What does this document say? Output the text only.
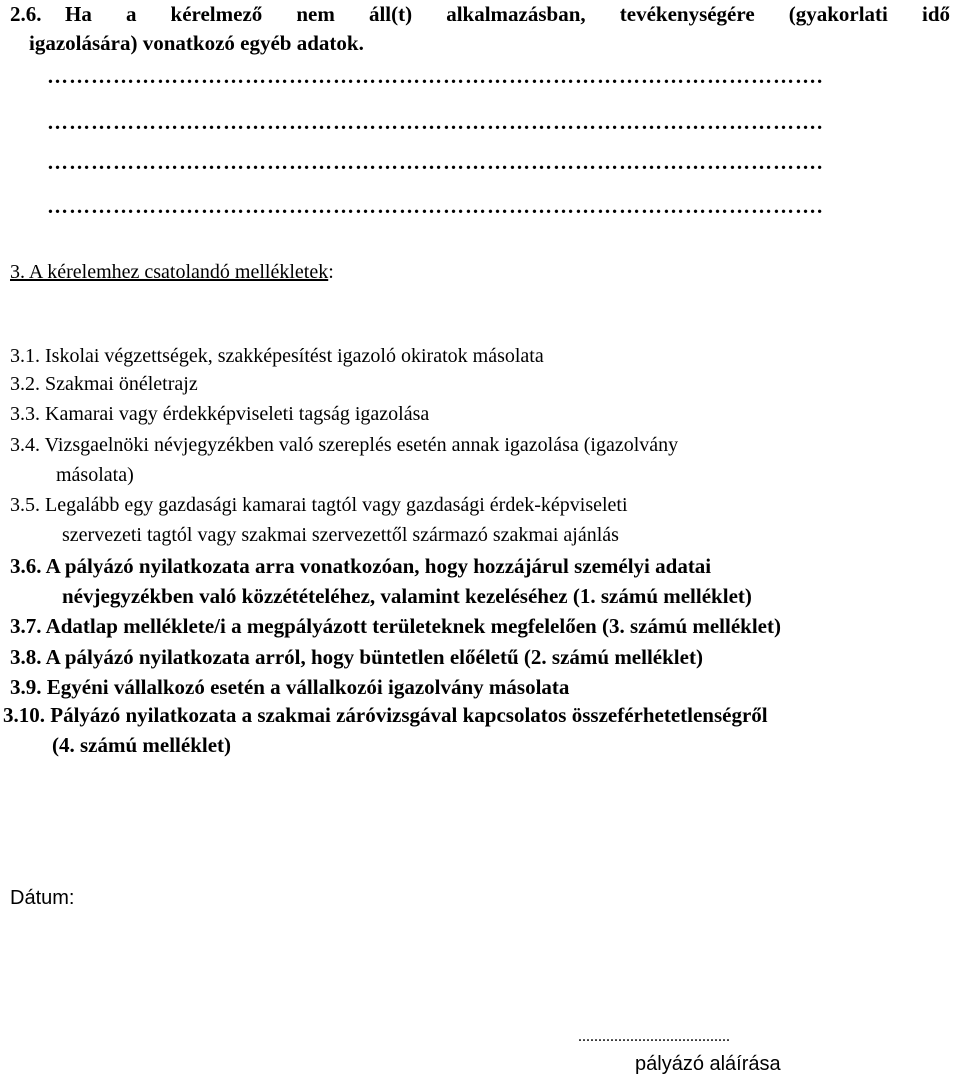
2.6. Ha a kérelmező nem áll(t) alkalmazásban, tevékenységére (gyakorlati idő
igazolására) vonatkozó egyéb adatok.
…………………………………………………………………………………………….
…………………………………………………………………………………………….
…………………………………………………………………………………………….
…………………………………………………………………………………………….
3. A kérelemhez csatolandó mellékletek:
3.1. Iskolai végzettségek, szakképesítést igazoló okiratok másolata
3.2. Szakmai önéletrajz
3.3. Kamarai vagy érdekképviseleti tagság igazolása
3.4. Vizsgaelnöki névjegyzékben való szereplés esetén annak igazolása (igazolvány
másolata)
3.5. Legalább egy gazdasági kamarai tagtól vagy gazdasági érdek-képviseleti
szervezeti tagtól vagy szakmai szervezettől származó szakmai ajánlás
3.6. A pályázó nyilatkozata arra vonatkozóan, hogy hozzájárul személyi adatai
névjegyzékben való közzétételéhez, valamint kezeléséhez (1. számú melléklet)
3.7. Adatlap melléklete/i a megpályázott területeknek megfelelően (3. számú melléklet)
3.8. A pályázó nyilatkozata arról, hogy büntetlen előéletű (2. számú melléklet)
3.9. Egyéni vállalkozó esetén a vállalkozói igazolvány másolata
3.10. Pályázó nyilatkozata a szakmai záróvizsgával kapcsolatos összeférhetetlenségről
(4. számú melléklet)
Dátum:
......................................
pályázó aláírása
